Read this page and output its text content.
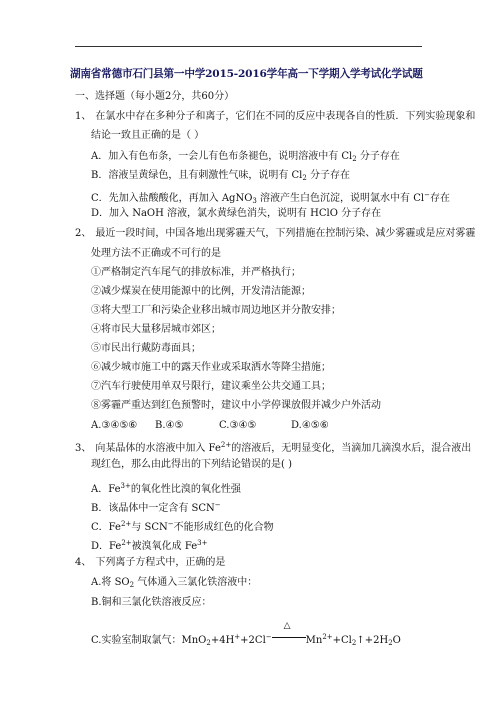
湖南省常德市石门县第一中学2015-2016学年高一下学期入学考试化学试题
一、选择题（每小题2分，共60分）
1、 在氯水中存在多种分子和离子，它们在不同的反应中表现各自的性质．下列实验现象和
结论一致且正确的是（ ）
A．加入有色布条，一会儿有色布条褪色，说明溶液中有 $Cl_2$ 分子存在
B．溶液呈黄绿色，且有刺激性气味，说明有 $Cl_2$ 分子存在
C．先加入盐酸酸化，再加入 AgNO$_3$ 溶液产生白色沉淀，说明氯水中有 Cl−存在
D．加入 NaOH 溶液，氯水黄绿色消失，说明有 HClO 分子存在
2、 最近一段时间，中国各地出现雾霾天气，下列措施在控制污染、减少雾霾或是应对雾霾
处理方法不正确或不可行的是
①严格制定汽车尾气的排放标准，并严格执行；
②减少煤炭在使用能源中的比例，开发清洁能源；
③将大型工厂和污染企业移出城市周边地区并分散安排；
④将市民大量移居城市郊区；
⑤市民出行戴防毒面具；
⑥减少城市施工中的露天作业或采取洒水等降尘措施；
⑦汽车行驶使用单双号限行，建议乘坐公共交通工具；
⑧雾霾严重达到红色预警时，建议中小学停课放假并减少户外活动
A.③④⑤⑥ B.④⑤	C.③④⑤	D.④⑤⑥
3、 向某晶体的水溶液中加入 $Fe^{2+}$的溶液后，无明显变化，当滴加几滴溴水后，混合液出
现红色，那么由此得出的下列结论错误的是( )
A．$Fe^{3+}$的氧化性比溴的氧化性强
B．该晶体中一定含有 SCN−
C．$Fe^{2+}$与 SCN−不能形成红色的化合物
D．$Fe^{2+}$被溴氧化成 $Fe^{3+}$
4、 下列离子方程式中，正确的是
A.将 $SO_2$ 气体通入三氯化铁溶液中：
B.铜和三氯化铁溶液反应：
C.实验室制取氯气：MnO$_2$+4H++2Cl−
△
$Mn^{2+}+Cl_2↑+2H_2O$
